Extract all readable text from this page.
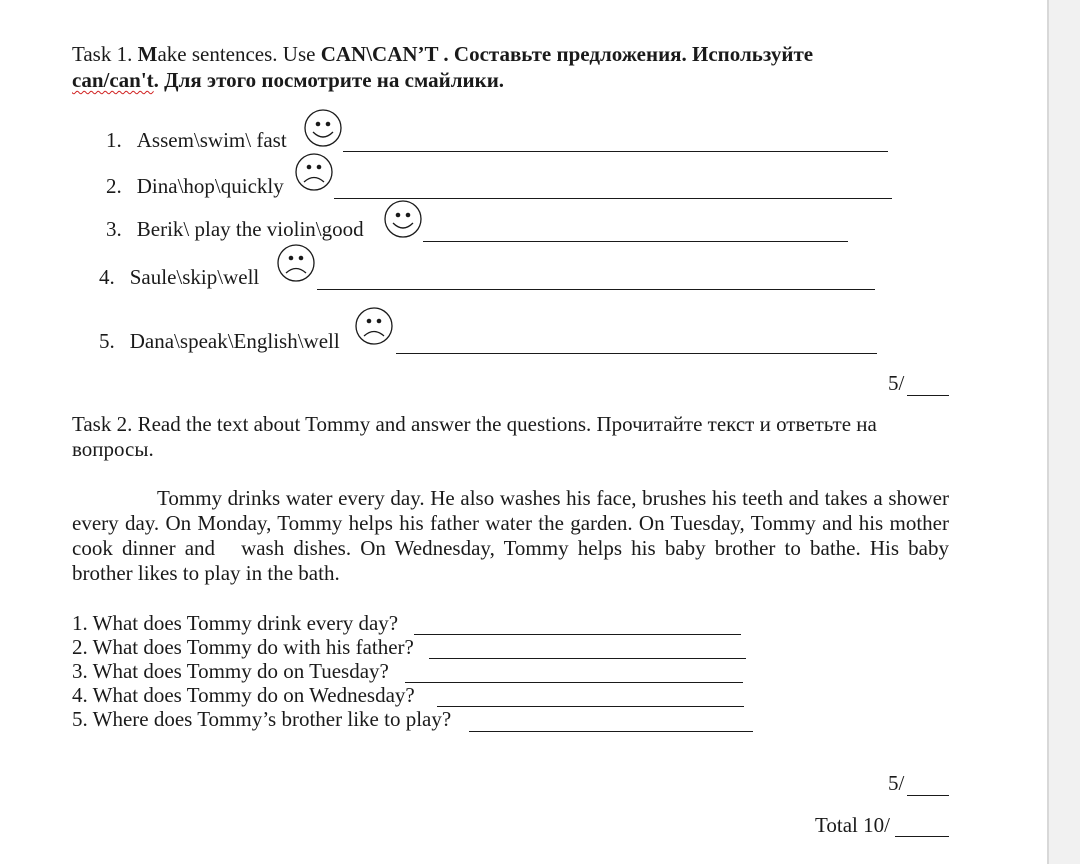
Task 1. Make sentences. Use CAN\CAN’T . Составьте предложения. Используйте
can/can't. Для этого посмотрите на смайлики.
1. Assem\swim\ fast
2. Dina\hop\quickly
3. Berik\ play the violin\good
4. Saule\skip\well
5. Dana\speak\English\well
5/
Task 2. Read the text about Tommy and answer the questions. Прочитайте текст и ответьте на
вопросы.
Tommy drinks water every day. He also washes his face, brushes his teeth and takes a shower every day. On Monday, Tommy helps his father water the garden. On Tuesday, Tommy and his mother cook dinner and wash dishes. On Wednesday, Tommy helps his baby brother to bathe. His baby brother likes to play in the bath.
1. What does Tommy drink every day?
2. What does Tommy do with his father?
3. What does Tommy do on Tuesday?
4. What does Tommy do on Wednesday?
5. Where does Tommy’s brother like to play?
5/
Total 10/
